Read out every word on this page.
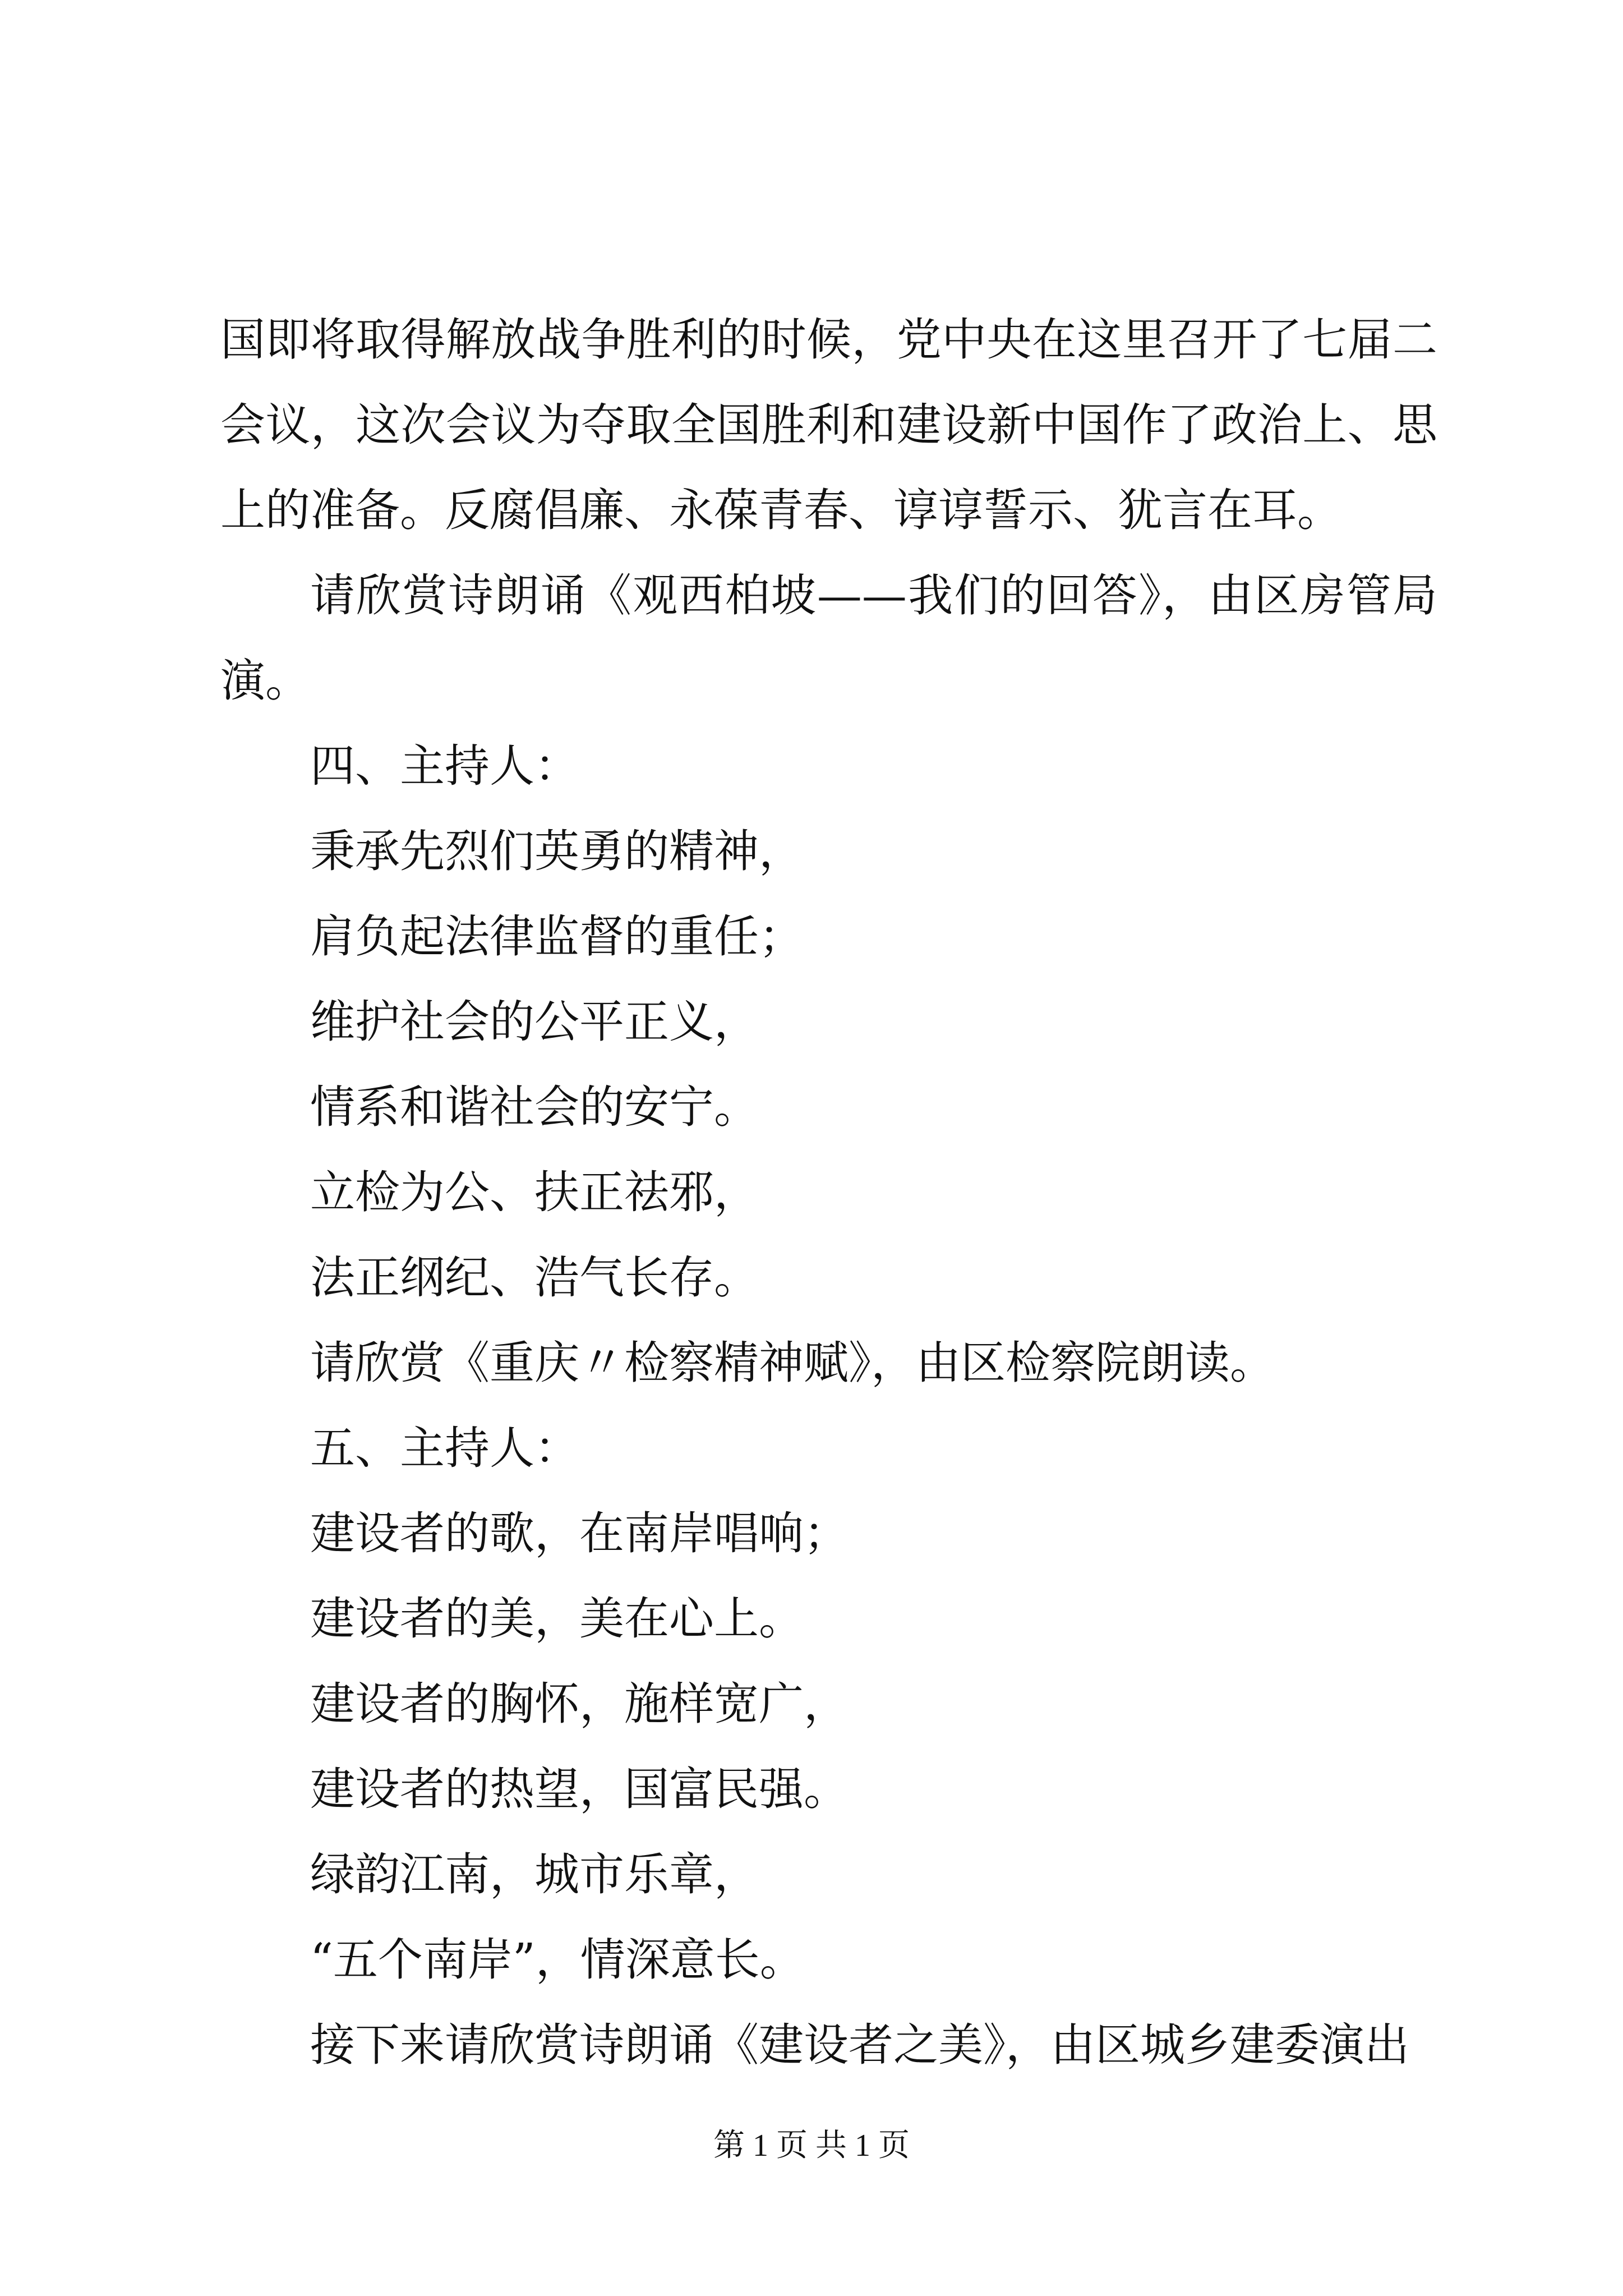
国即将取得解放战争胜利的时候，党中央在这里召开了七届二

会议，这次会议为夺取全国胜利和建设新中国作了政治上、思

上的准备。反腐倡廉、永葆青春、谆谆誓示、犹言在耳。

请欣赏诗朗诵《观西柏坡——我们的回答》，由区房管局

演。

四、主持人：

秉承先烈们英勇的精神，

肩负起法律监督的重任；

维护社会的公平正义，

情系和谐社会的安宁。

立检为公、扶正祛邪，

法正纲纪、浩气长存。

请欣赏《重庆〃检察精神赋》，由区检察院朗读。

五、主持人：

建设者的歌，在南岸唱响；

建设者的美，美在心上。

建设者的胸怀，施样宽广，

建设者的热望，国富民强。

绿韵江南，城市乐章，

“五个南岸”，情深意长。

接下来请欣赏诗朗诵《建设者之美》，由区城乡建委演出

第 1 页 共 1 页
